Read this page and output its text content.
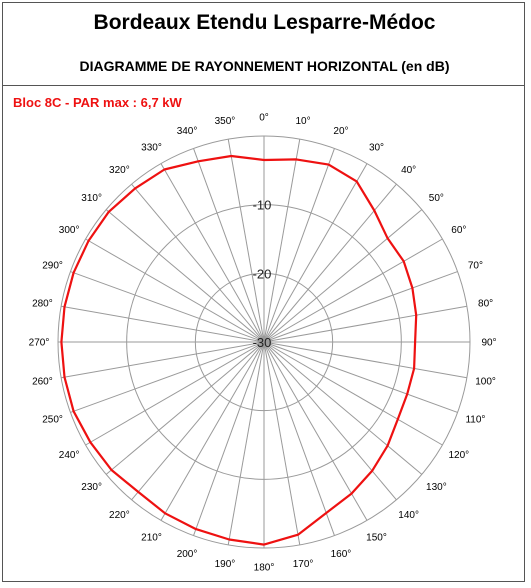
Bordeaux Etendu Lesparre-Médoc
DIAGRAMME DE RAYONNEMENT HORIZONTAL (en dB)
Bloc 8C - PAR max : 6,7 kW
0°	10°
20°
30°
40°
50°
60°
70°
80°
90°
100°
110°
120°
130°
140°
150°
160°
170°
180°
190°
200°
210°
220°
230°
240°
250°
260°
270°
280°
290°
300°
310°
320°
330°
340°
350°
-30
-20
-10
